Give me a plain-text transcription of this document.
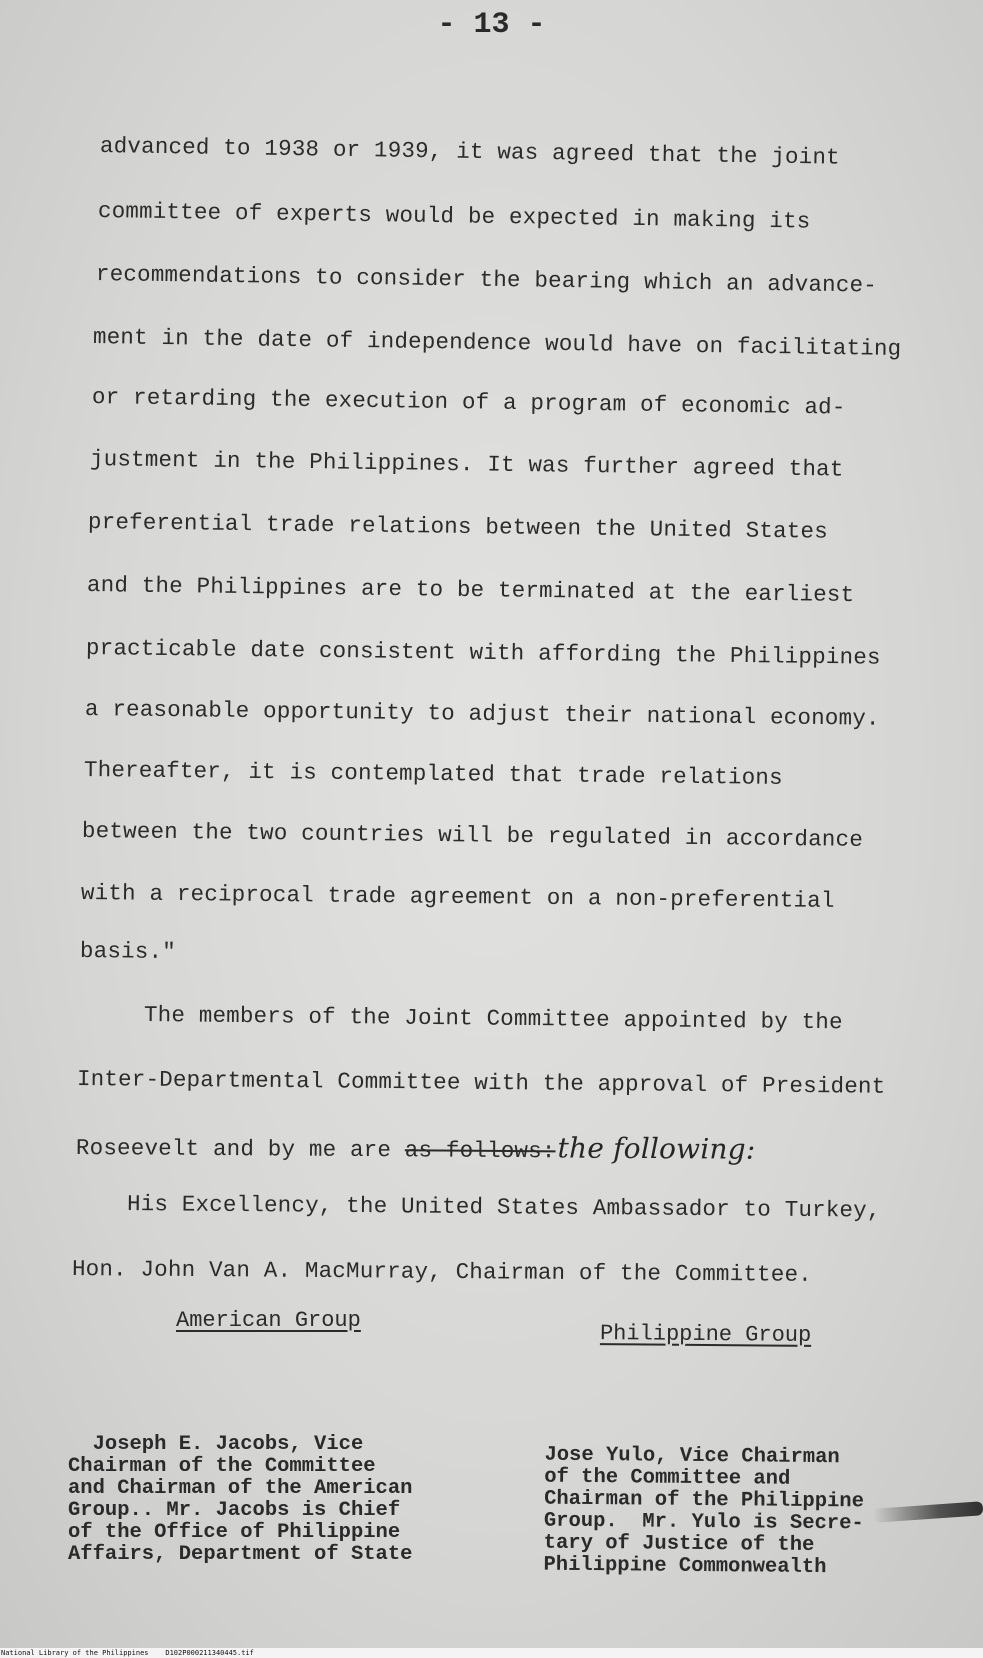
- 13 -
advanced to 1938 or 1939, it was agreed that the joint
committee of experts would be expected in making its
recommendations to consider the bearing which an advance-
ment in the date of independence would have on facilitating
or retarding the execution of a program of economic ad-
justment in the Philippines. It was further agreed that
preferential trade relations between the United States
and the Philippines are to be terminated at the earliest
practicable date consistent with affording the Philippines
a reasonable opportunity to adjust their national economy.
Thereafter, it is contemplated that trade relations
between the two countries will be regulated in accordance
with a reciprocal trade agreement on a non-preferential
basis."
The members of the Joint Committee appointed by the
Inter-Departmental Committee with the approval of President
Roseevelt and by me are as follows:the following:
His Excellency, the United States Ambassador to Turkey,
Hon. John Van A. MacMurray, Chairman of the Committee.
American Group
Philippine Group
Joseph E. Jacobs, Vice
Chairman of the Committee
and Chairman of the American
Group.. Mr. Jacobs is Chief
of the Office of Philippine
Affairs, Department of State
Jose Yulo, Vice Chairman
of the Committee and
Chairman of the Philippine
Group.  Mr. Yulo is Secre-
tary of Justice of the
Philippine Commonwealth
National Library of the Philippines D102P000211340445.tif
